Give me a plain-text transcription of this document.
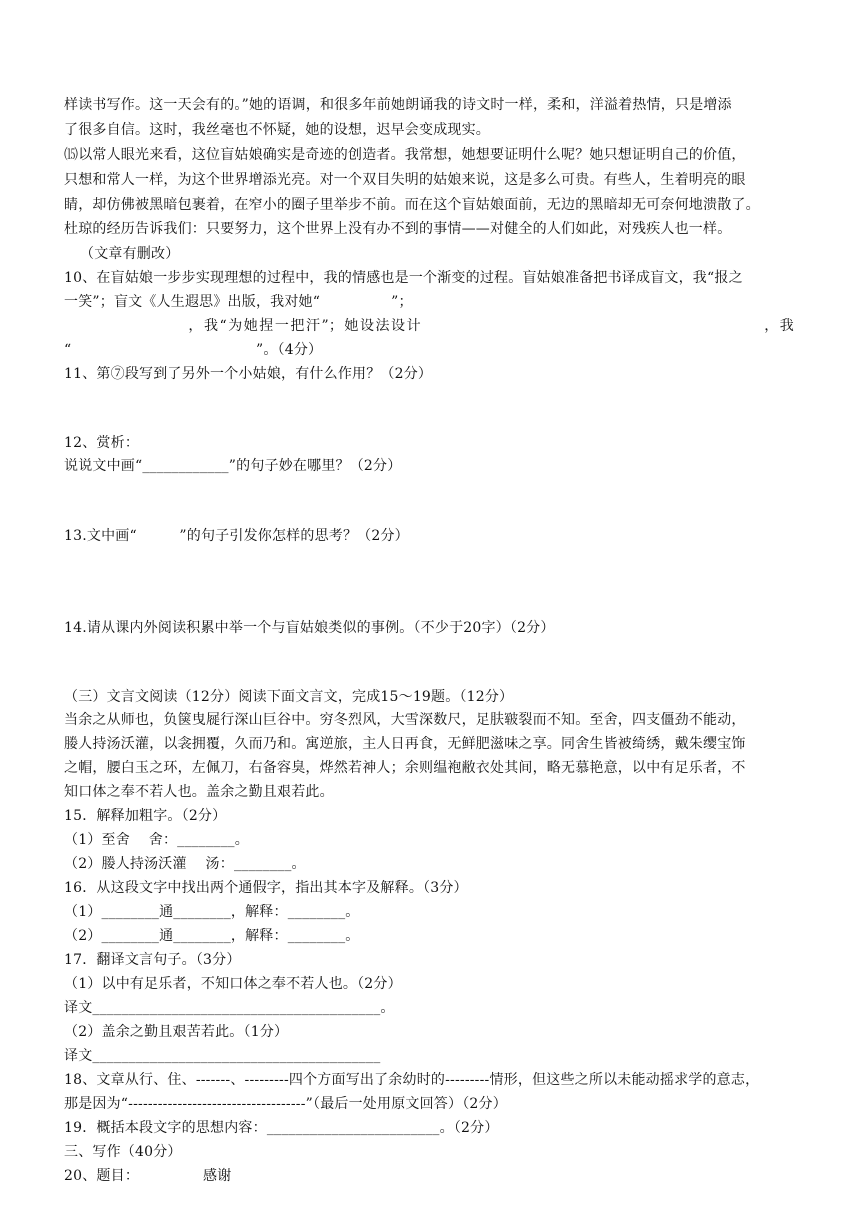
样读书写作。这一天会有的。”她的语调，和很多年前她朗诵我的诗文时一样，柔和，洋溢着热情，只是增添
了很多自信。这时，我丝毫也不怀疑，她的设想，迟早会变成现实。
⒂以常人眼光来看，这位盲姑娘确实是奇迹的创造者。我常想，她想要证明什么呢？她只想证明自己的价值，
只想和常人一样，为这个世界增添光亮。对一个双目失明的姑娘来说，这是多么可贵。有些人，生着明亮的眼
睛，却仿佛被黑暗包裹着，在窄小的圈子里举步不前。而在这个盲姑娘面前，无边的黑暗却无可奈何地溃散了。
杜琼的经历告诉我们：只要努力，这个世界上没有办不到的事情——对健全的人们如此，对残疾人也一样。
（文章有删改）
10、在盲姑娘一步步实现理想的过程中，我的情感也是一个渐变的过程。盲姑娘准备把书译成盲文，我“报之
一笑”；盲文《人生遐思》出版，我对她“　　　　　”；
　　　　　　　　，我“为她捏一把汗”；她设法设计　　　　　　　　　　　　　　　　　　　　　　，我
“　　　　　　　　　　　　　”。（4分）
11、第⑦段写到了另外一个小姑娘，有什么作用？（2分）
12、赏析：
说说文中画“____________”的句子妙在哪里？（2分）
13.文中画“　　　”的句子引发你怎样的思考？（2分）
14.请从课内外阅读积累中举一个与盲姑娘类似的事例。（不少于20字）（2分）
（三）文言文阅读（12分）阅读下面文言文，完成15～19题。（12分）
当余之从师也，负箧曳屣行深山巨谷中。穷冬烈风，大雪深数尺，足肤皲裂而不知。至舍，四支僵劲不能动，
媵人持汤沃灌，以衾拥覆，久而乃和。寓逆旅，主人日再食，无鲜肥滋味之享。同舍生皆被绮绣，戴朱缨宝饰
之帽，腰白玉之环，左佩刀，右备容臭，烨然若神人；余则缊袍敝衣处其间，略无慕艳意，以中有足乐者，不
知口体之奉不若人也。盖余之勤且艰若此。
15．解释加粗字。（2分）
（1）至舍　 舍：________。
（2）媵人持汤沃灌　 汤：________。
16．从这段文字中找出两个通假字，指出其本字及解释。（3分）
（1）________通________，解释：________。
（2）________通________，解释：________。
17．翻译文言句子。（3分）
（1）以中有足乐者，不知口体之奉不若人也。（2分）
译文________________________________________。
（2）盖余之勤且艰苦若此。（1分）
译文________________________________________
18、文章从行、住、-------、---------四个方面写出了余幼时的---------情形，但这些之所以未能动摇求学的意志，
那是因为“------------------------------------”（最后一处用原文回答）（2分）
19．概括本段文字的思想内容：________________________。（2分）
三、写作（40分）
20、题目：　　　　　感谢
